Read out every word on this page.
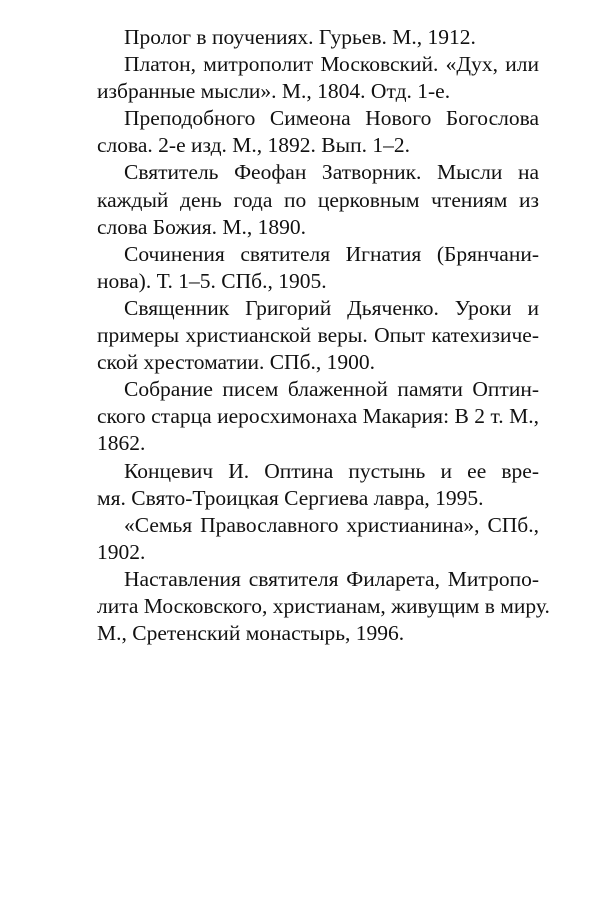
Пролог в поучениях. Гурьев. М., 1912.
Платон, митрополит Московский. «Дух, или
избранные мысли». М., 1804. Отд. 1-е.
Преподобного Симеона Нового Богослова
слова. 2-е изд. М., 1892. Вып. 1–2.
Святитель Феофан Затворник. Мысли на
каждый день года по церковным чтениям из
слова Божия. М., 1890.
Сочинения святителя Игнатия (Брянчани-
нова). Т. 1–5. СПб., 1905.
Священник Григорий Дьяченко. Уроки и
примеры христианской веры. Опыт катехизиче-
ской хрестоматии. СПб., 1900.
Собрание писем блаженной памяти Оптин-
ского старца иеросхимонаха Макария: В 2 т. М.,
1862.
Концевич И. Оптина пустынь и ее вре-
мя. Свято-Троицкая Сергиева лавра, 1995.
«Семья Православного христианина», СПб.,
1902.
Наставления святителя Филарета, Митропо-
лита Московского, христианам, живущим в миру.
М., Сретенский монастырь, 1996.
